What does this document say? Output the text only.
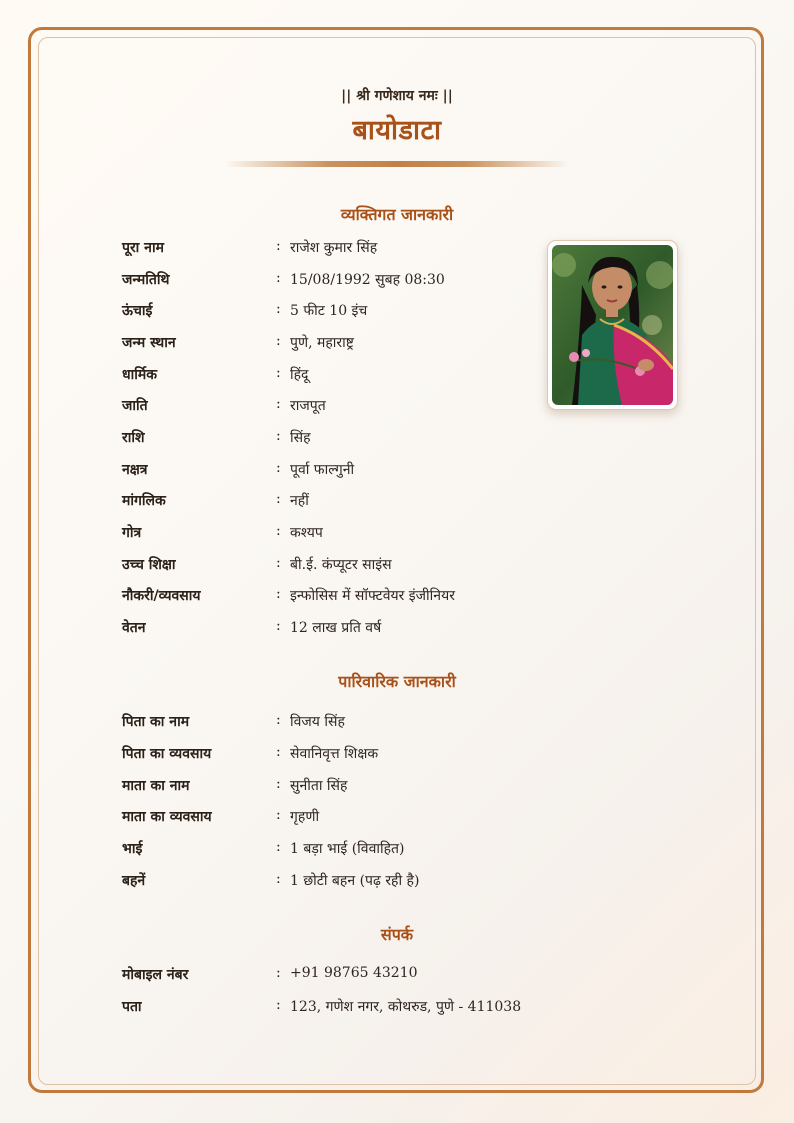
|| श्री गणेशाय नमः ||
बायोडाटा
व्यक्तिगत जानकारी
पूरा नाम	: राजेश कुमार सिंह
जन्मतिथि	: 15/08/1992 सुबह 08:30
ऊंचाई	: 5 फीट 10 इंच
जन्म स्थान	: पुणे, महाराष्ट्र
धार्मिक	: हिंदू
जाति	: राजपूत
राशि	: सिंह
नक्षत्र	: पूर्वा फाल्गुनी
मांगलिक	: नहीं
गोत्र	: कश्यप
उच्च शिक्षा	: बी.ई. कंप्यूटर साइंस
नौकरी/व्यवसाय	: इन्फोसिस में सॉफ्टवेयर इंजीनियर
वेतन	: 12 लाख प्रति वर्ष
पारिवारिक जानकारी
पिता का नाम	: विजय सिंह
पिता का व्यवसाय	: सेवानिवृत्त शिक्षक
माता का नाम	: सुनीता सिंह
माता का व्यवसाय	: गृहणी
भाई	: 1 बड़ा भाई (विवाहित)
बहनें	: 1 छोटी बहन (पढ़ रही है)
संपर्क
मोबाइल नंबर	: +91 98765 43210
पता	: 123, गणेश नगर, कोथरुड, पुणे - 411038
